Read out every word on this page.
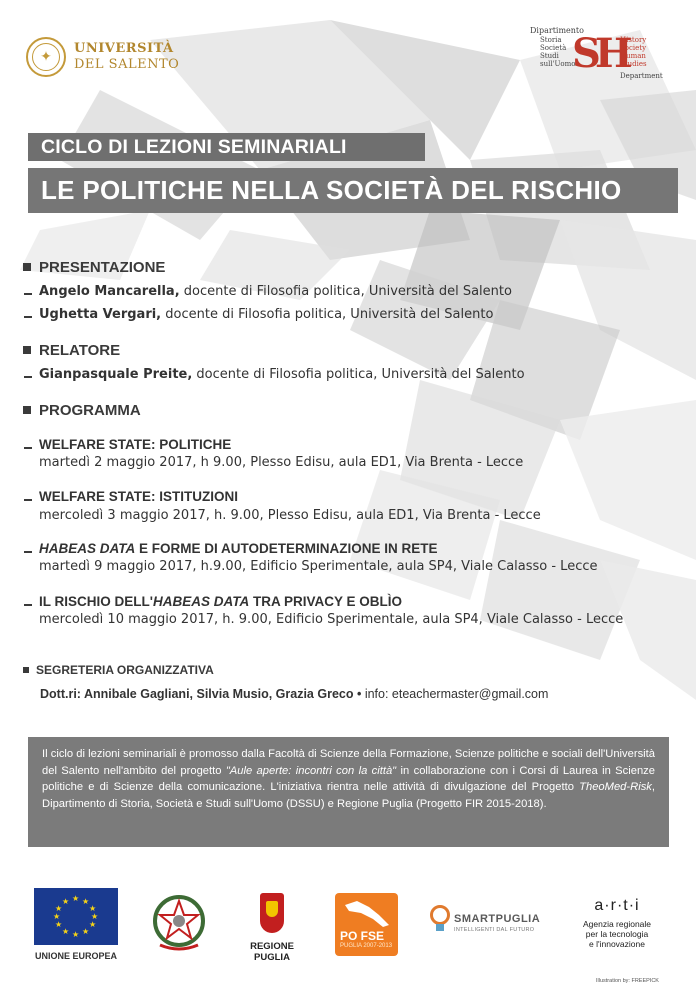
✦
UNIVERSITÀ
DEL SALENTO
Dipartimento
Storia
Società
Studi
sull'Uomo
SH
History
Society
Human
Studies
Department
CICLO DI LEZIONI SEMINARIALI
LE POLITICHE NELLA SOCIETÀ DEL RISCHIO
PRESENTAZIONE
Angelo Mancarella, docente di Filosofia politica, Università del Salento
Ughetta Vergari, docente di Filosofia politica, Università del Salento
RELATORE
Gianpasquale Preite, docente di Filosofia politica, Università del Salento
PROGRAMMA
WELFARE STATE: POLITICHE
martedì 2 maggio 2017, h 9.00, Plesso Edisu, aula ED1, Via Brenta - Lecce
WELFARE STATE: ISTITUZIONI
mercoledì 3 maggio 2017, h. 9.00, Plesso Edisu, aula ED1, Via Brenta - Lecce
HABEAS DATA E FORME DI AUTODETERMINAZIONE IN RETE
martedì 9 maggio 2017, h.9.00, Edificio Sperimentale, aula SP4, Viale Calasso - Lecce
IL RISCHIO DELL'HABEAS DATA TRA PRIVACY E OBLÌO
mercoledì 10 maggio 2017, h. 9.00, Edificio Sperimentale, aula SP4, Viale Calasso - Lecce
SEGRETERIA ORGANIZZATIVA
Dott.ri: Annibale Gagliani, Silvia Musio, Grazia Greco • info: eteachermaster@gmail.com
Il ciclo di lezioni seminariali è promosso dalla Facoltà di Scienze della Formazione, Scienze politiche e sociali dell'Università del Salento nell'ambito del progetto "Aule aperte: incontri con la città" in collaborazione con i Corsi di Laurea in Scienze politiche e di Scienze della comunicazione. L'iniziativa rientra nelle attività di divulgazione del Progetto TheoMed-Risk, Dipartimento di Storia, Società e Studi sull'Uomo (DSSU) e Regione Puglia (Progetto FIR 2015-2018).
★ ★
★
★
★
★
★
★
★
★
★
★
UNIONE EUROPEA
REGIONE PUGLIA
PO FSE
PUGLIA 2007-2013
SMARTPUGLIA
INTELLIGENTI DAL FUTURO
a·r·t·i
Agenzia regionale
per la tecnologia
e l'innovazione
Illustration by: FREEPICK
